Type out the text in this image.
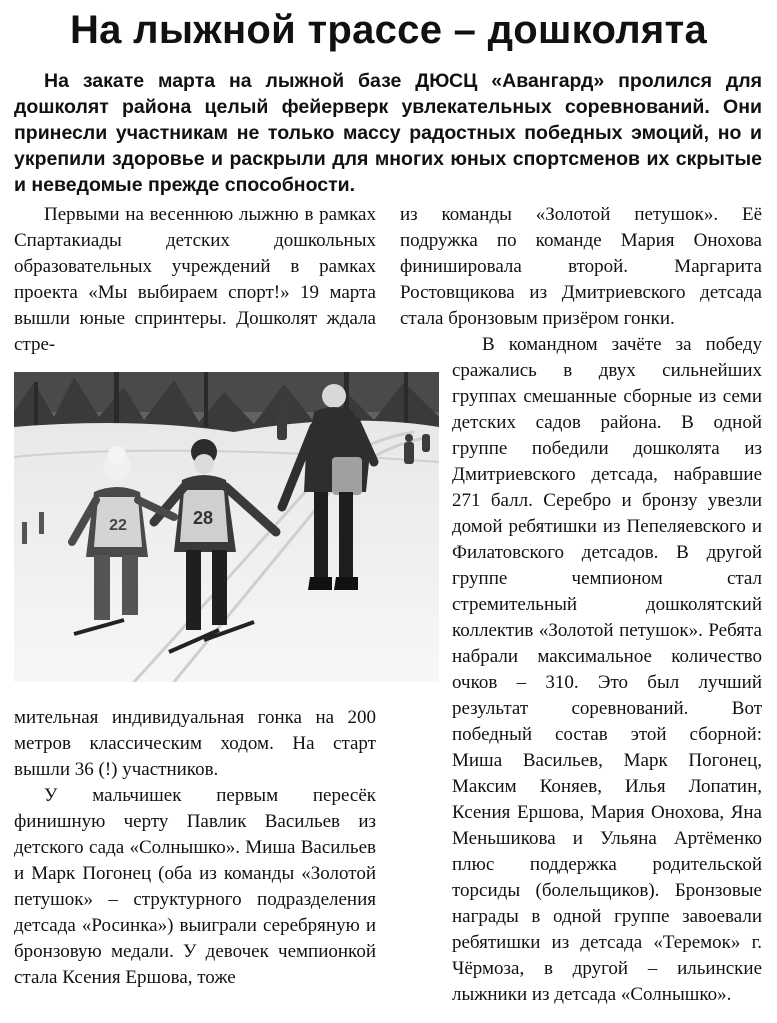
На лыжной трассе – дошколята

На закате марта на лыжной базе ДЮСЦ «Авангард» пролился для дошколят района целый фейерверк увлекательных соревнований. Они принесли участникам не только массу радостных победных эмоций, но и укрепили здоровье и раскрыли для многих юных спортсменов их скрытые и неведомые прежде способности.

Первыми на весеннюю лыжню в рамках Спартакиады детских дошкольных образовательных учреждений в рамках проекта «Мы выбираем спорт!» 19 марта вышли юные спринтеры. Дошколят ждала стре-

28
22

мительная индивидуальная гонка на 200 метров классическим ходом. На старт вышли 36 (!) участников.

У мальчишек первым пересёк финишную черту Павлик Васильев из детского сада «Солнышко». Миша Васильев и Марк Погонец (оба из команды «Золотой петушок» – структурного подразделения детсада «Росинка») выиграли серебряную и бронзовую медали. У девочек чемпионкой стала Ксения Ершова, тоже

из команды «Золотой петушок». Её подружка по команде Мария Онохова финишировала второй. Маргарита Ростовщикова из Дмитриевского детсада стала бронзовым призёром гонки.

В командном зачёте за победу сражались в двух сильнейших группах смешанные сборные из семи детских садов района. В одной группе победили дошколята из Дмитриевского детсада, набравшие 271 балл. Серебро и бронзу увезли домой ребятишки из Пепеляевского и Филатовского детсадов. В другой группе чемпионом стал стремительный дошколятский коллектив «Золотой петушок». Ребята набрали максимальное количество очков – 310. Это был лучший результат соревнований. Вот победный состав этой сборной: Миша Васильев, Марк Погонец, Максим Коняев, Илья Лопатин, Ксения Ершова, Мария Онохова, Яна Меньшикова и Ульяна Артёменко плюс поддержка родительской торсиды (болельщиков). Бронзовые награды в одной группе завоевали ребятишки из детсада «Теремок» г. Чёрмоза, в другой – ильинские лыжники из детсада «Солнышко».
